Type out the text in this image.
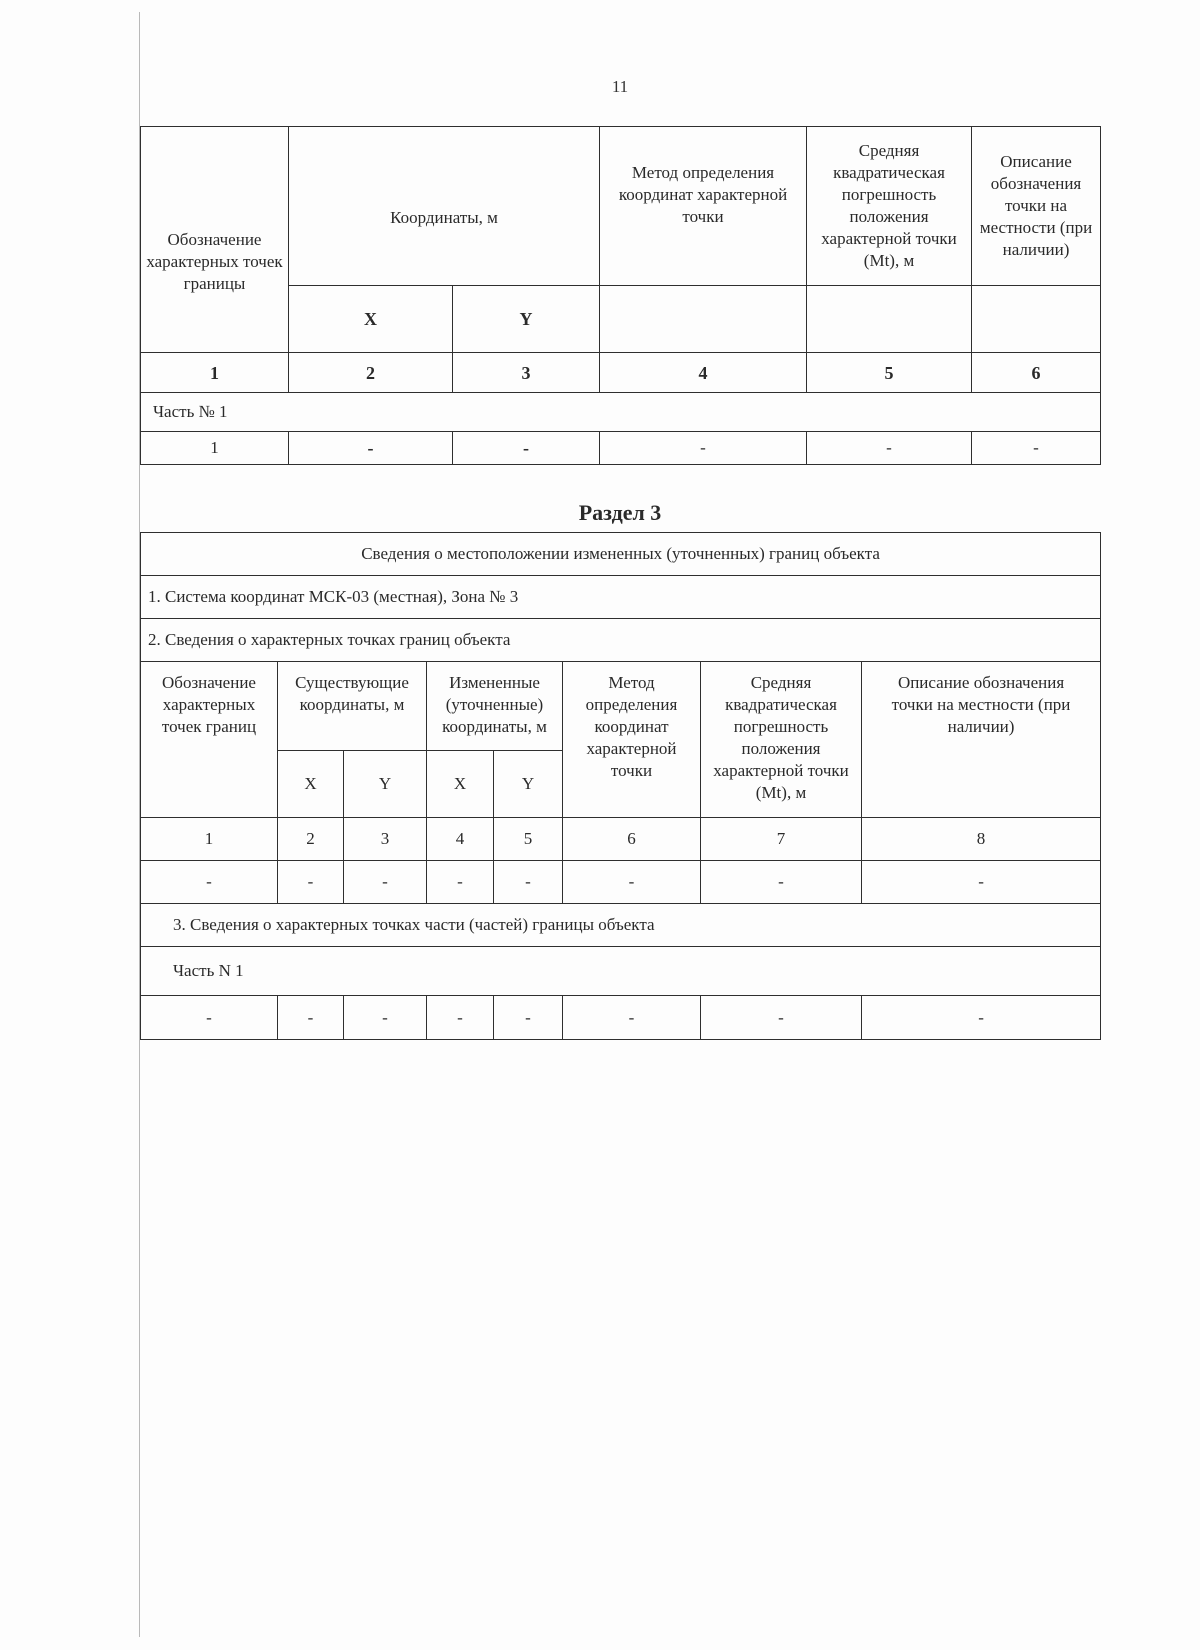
11
Обозначение характерных точек границы	Координаты, м		Метод определения координат характерной точки	Средняя квадратическая погрешность положения характерной точки (Mt), м	Описание обозначения точки на местности (при наличии)
	X	Y			
1	2	3	4	5	6
Часть № 1					
1	-	-	-	-	-
Раздел 3
Сведения о местоположении измененных (уточненных) границ объекта							
1. Система координат МСК-03 (местная), Зона № 3							
2. Сведения о характерных точках границ объекта							
Обозначение характерных точек границ	Существующие координаты, м		Измененные (уточненные) координаты, м		Метод определения координат характерной точки	Средняя квадратическая погрешность положения характерной точки (Mt), м	Описание обозначения точки на местности (при наличии)
	X	Y	X	Y			
1	2	3	4	5	6	7	8
-	-	-	-	-	-	-	-
3. Сведения о характерных точках части (частей) границы объекта							
Часть N 1							
-	-	-	-	-	-	-	-
